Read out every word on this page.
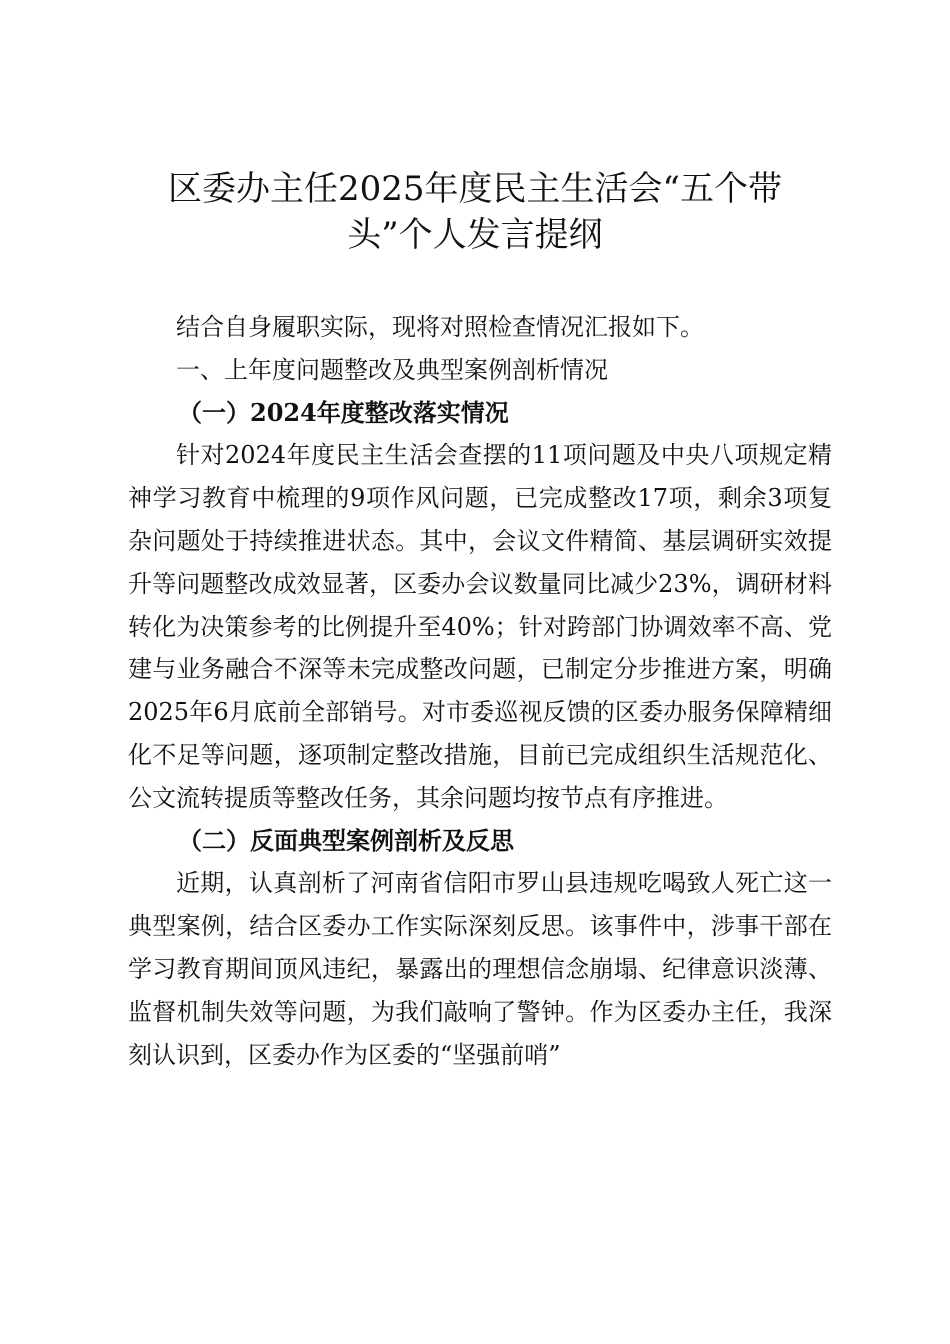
区委办主任2025年度民主生活会“五个带
头”个人发言提纲

结合自身履职实际，现将对照检查情况汇报如下。

一、上年度问题整改及典型案例剖析情况

（一）2024年度整改落实情况

针对2024年度民主生活会查摆的11项问题及中央八项规定精神学习教育中梳理的9项作风问题，已完成整改17项，剩余3项复杂问题处于持续推进状态。其中，会议文件精简、基层调研实效提升等问题整改成效显著，区委办会议数量同比减少23%，调研材料转化为决策参考的比例提升至40%；针对跨部门协调效率不高、党建与业务融合不深等未完成整改问题，已制定分步推进方案，明确2025年6月底前全部销号。对市委巡视反馈的区委办服务保障精细化不足等问题，逐项制定整改措施，目前已完成组织生活规范化、公文流转提质等整改任务，其余问题均按节点有序推进。

（二）反面典型案例剖析及反思

近期，认真剖析了河南省信阳市罗山县违规吃喝致人死亡这一典型案例，结合区委办工作实际深刻反思。该事件中，涉事干部在学习教育期间顶风违纪，暴露出的理想信念崩塌、纪律意识淡薄、监督机制失效等问题，为我们敲响了警钟。作为区委办主任，我深刻认识到，区委办作为区委的“坚强前哨”
